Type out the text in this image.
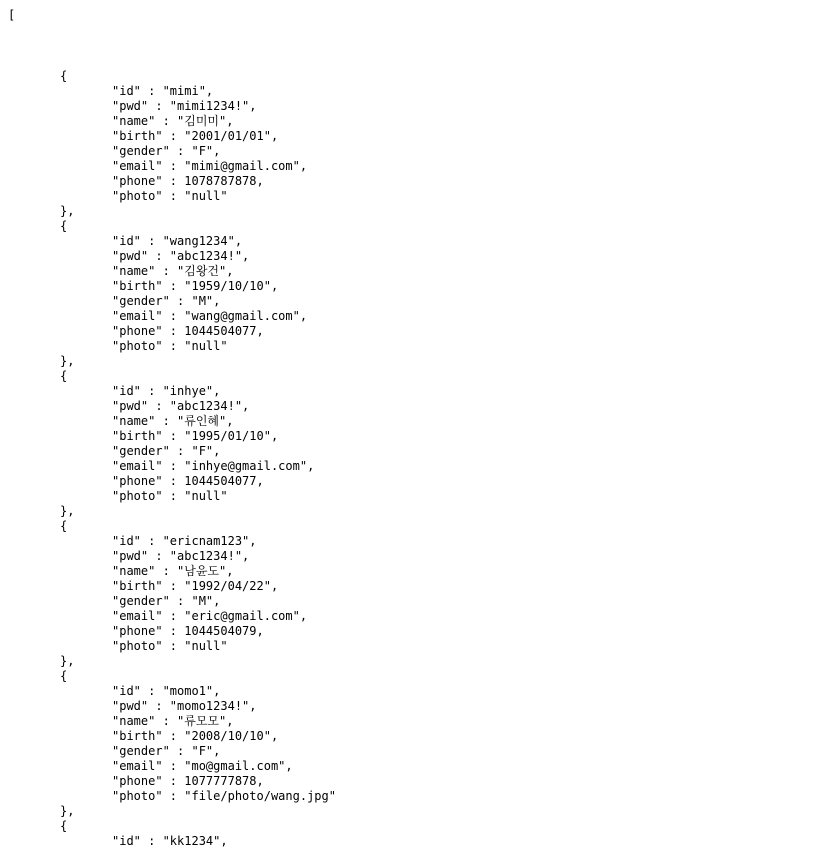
[
{
"id" : "mimi",
"pwd" : "mimi1234!",
"name" : "김미미",
"birth" : "2001/01/01",
"gender" : "F",
"email" : "mimi@gmail.com",
"phone" : 1078787878,
"photo" : "null"
},
{
"id" : "wang1234",
"pwd" : "abc1234!",
"name" : "김왕건",
"birth" : "1959/10/10",
"gender" : "M",
"email" : "wang@gmail.com",
"phone" : 1044504077,
"photo" : "null"
},
{
"id" : "inhye",
"pwd" : "abc1234!",
"name" : "류인혜",
"birth" : "1995/01/10",
"gender" : "F",
"email" : "inhye@gmail.com",
"phone" : 1044504077,
"photo" : "null"
},
{
"id" : "ericnam123",
"pwd" : "abc1234!",
"name" : "남윤도",
"birth" : "1992/04/22",
"gender" : "M",
"email" : "eric@gmail.com",
"phone" : 1044504079,
"photo" : "null"
},
{
"id" : "momo1",
"pwd" : "momo1234!",
"name" : "류모모",
"birth" : "2008/10/10",
"gender" : "F",
"email" : "mo@gmail.com",
"phone" : 1077777878,
"photo" : "file/photo/wang.jpg"
},
{
"id" : "kk1234",
